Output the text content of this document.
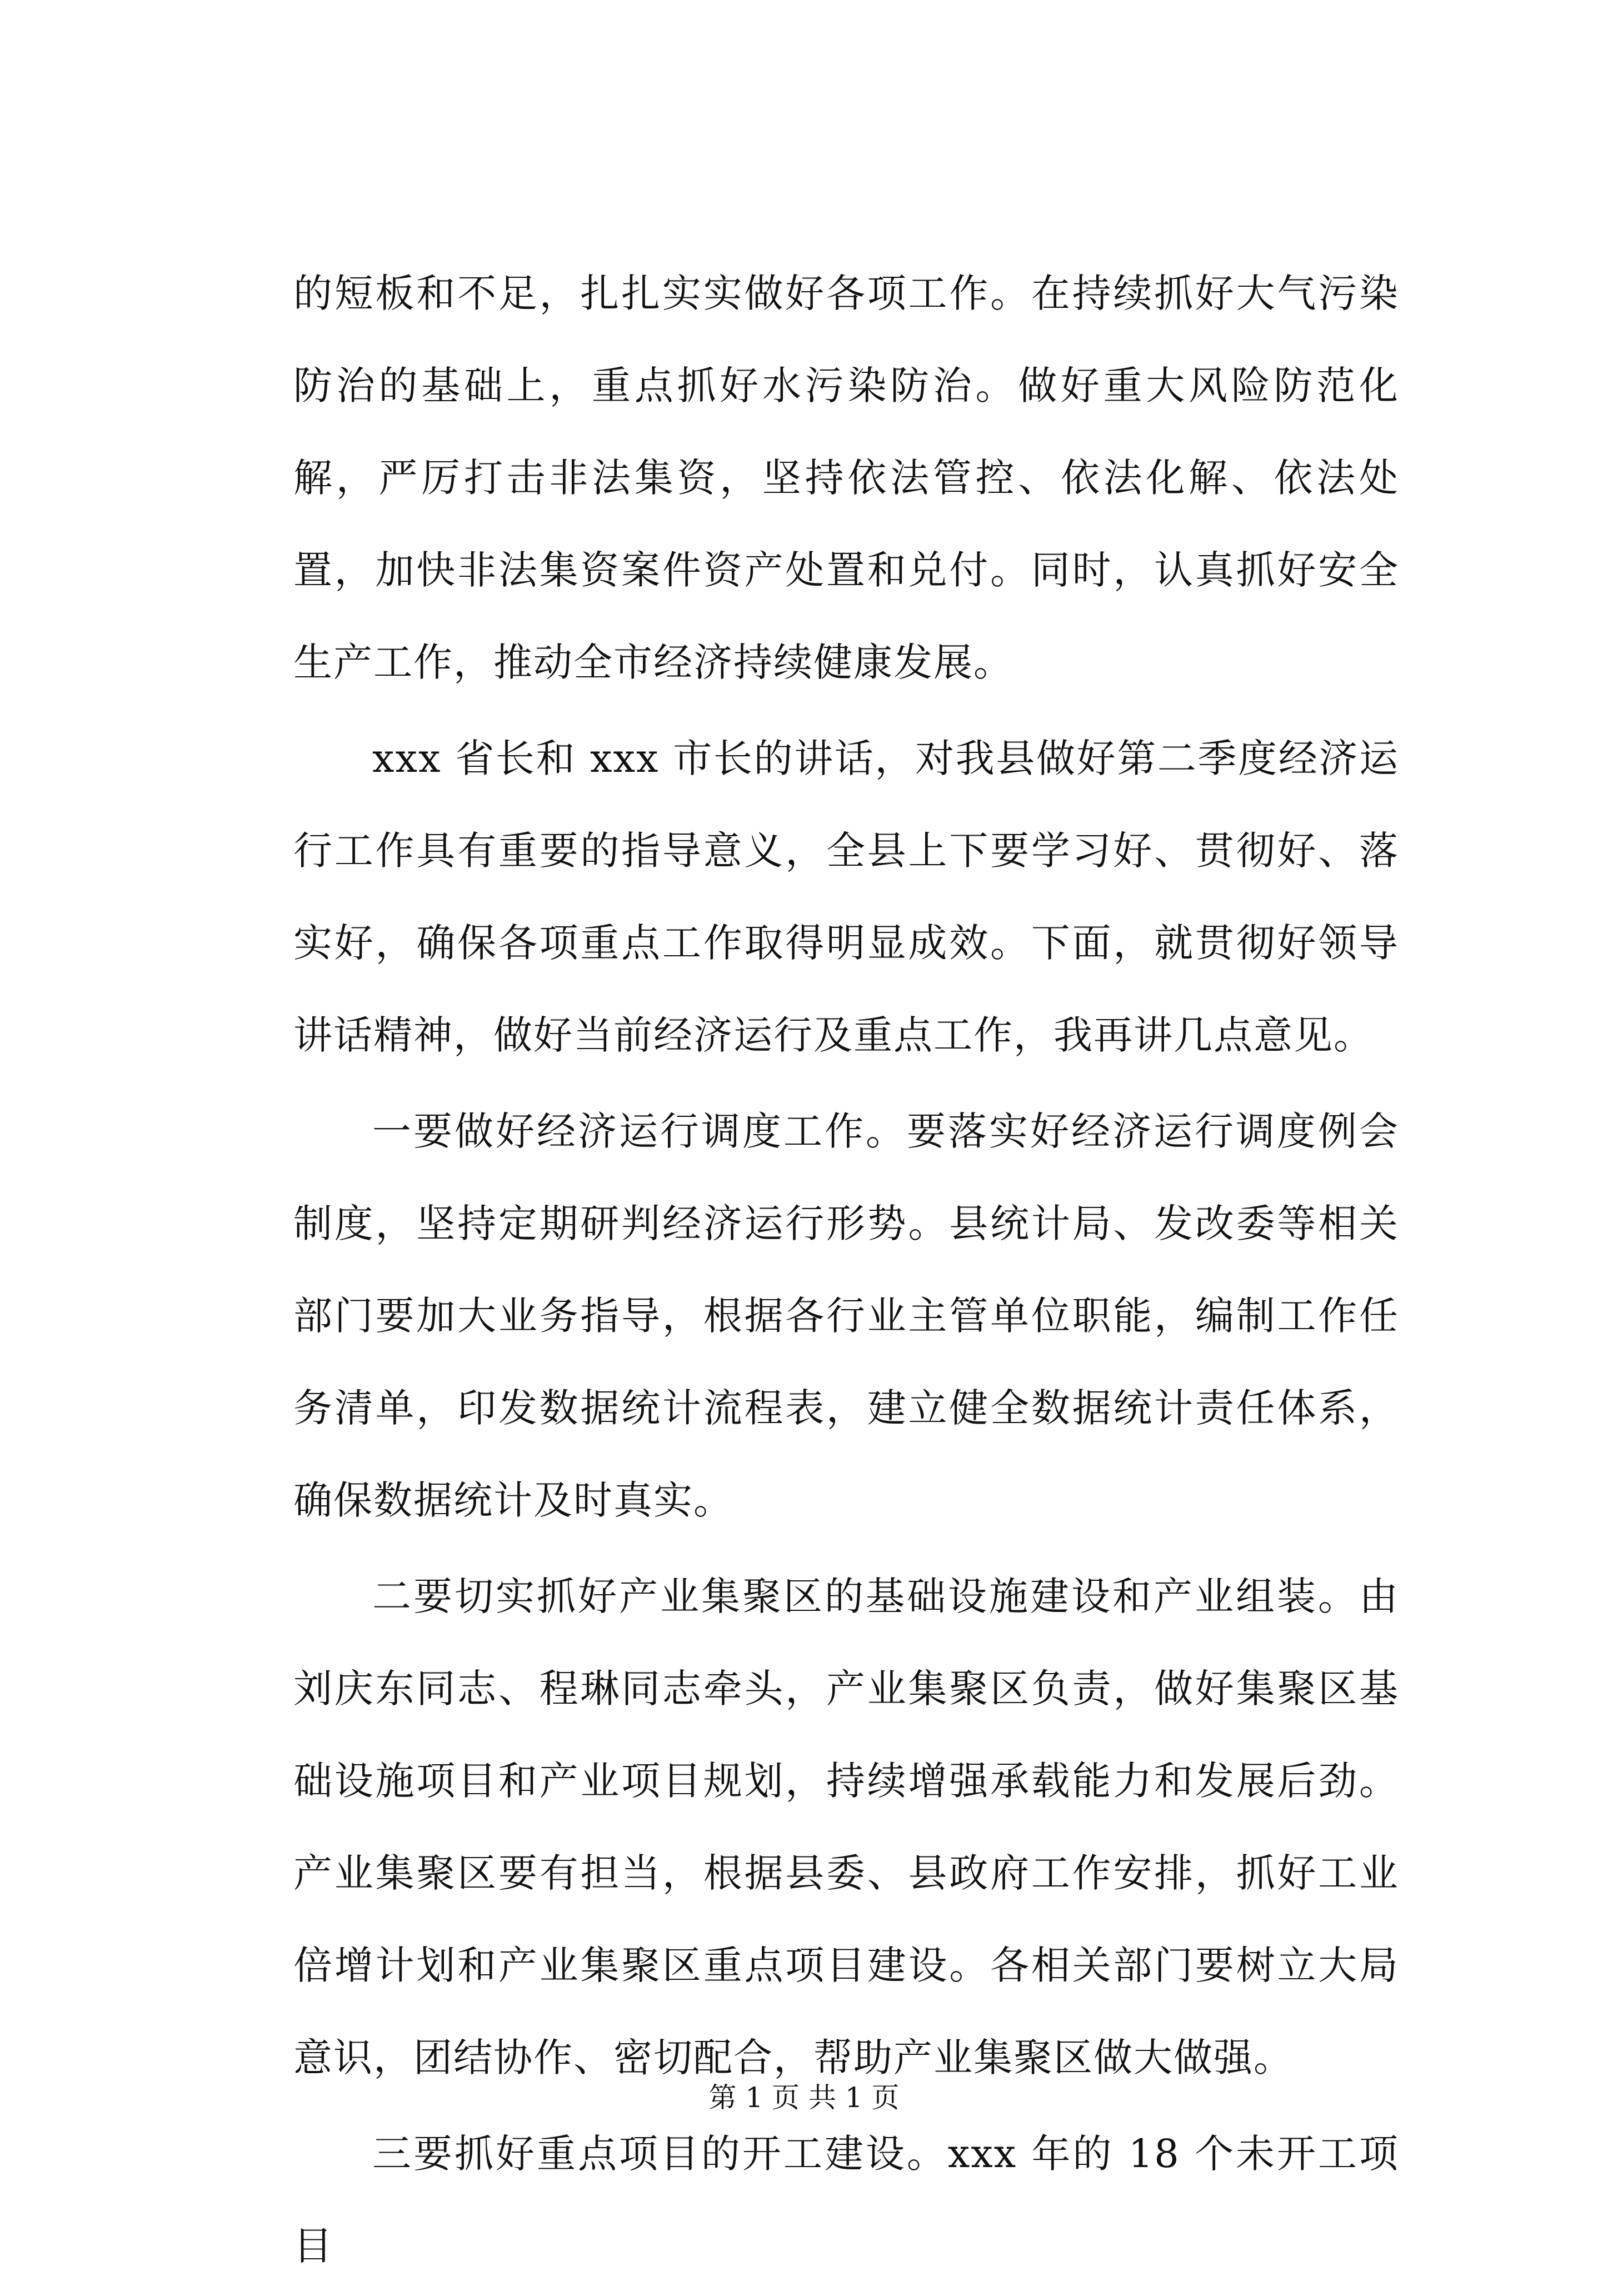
的短板和不足，扎扎实实做好各项工作。在持续抓好大气污染防治的基础上，重点抓好水污染防治。做好重大风险防范化解，严厉打击非法集资，坚持依法管控、依法化解、依法处置，加快非法集资案件资产处置和兑付。同时，认真抓好安全生产工作，推动全市经济持续健康发展。

xxx 省长和 xxx 市长的讲话，对我县做好第二季度经济运行工作具有重要的指导意义，全县上下要学习好、贯彻好、落实好，确保各项重点工作取得明显成效。下面，就贯彻好领导讲话精神，做好当前经济运行及重点工作，我再讲几点意见。

一要做好经济运行调度工作。要落实好经济运行调度例会制度，坚持定期研判经济运行形势。县统计局、发改委等相关部门要加大业务指导，根据各行业主管单位职能，编制工作任务清单，印发数据统计流程表，建立健全数据统计责任体系，确保数据统计及时真实。

二要切实抓好产业集聚区的基础设施建设和产业组装。由刘庆东同志、程琳同志牵头，产业集聚区负责，做好集聚区基础设施项目和产业项目规划，持续增强承载能力和发展后劲。产业集聚区要有担当，根据县委、县政府工作安排，抓好工业倍增计划和产业集聚区重点项目建设。各相关部门要树立大局意识，团结协作、密切配合，帮助产业集聚区做大做强。

三要抓好重点项目的开工建设。xxx 年的 18 个未开工项目

第 1 页 共 1 页
